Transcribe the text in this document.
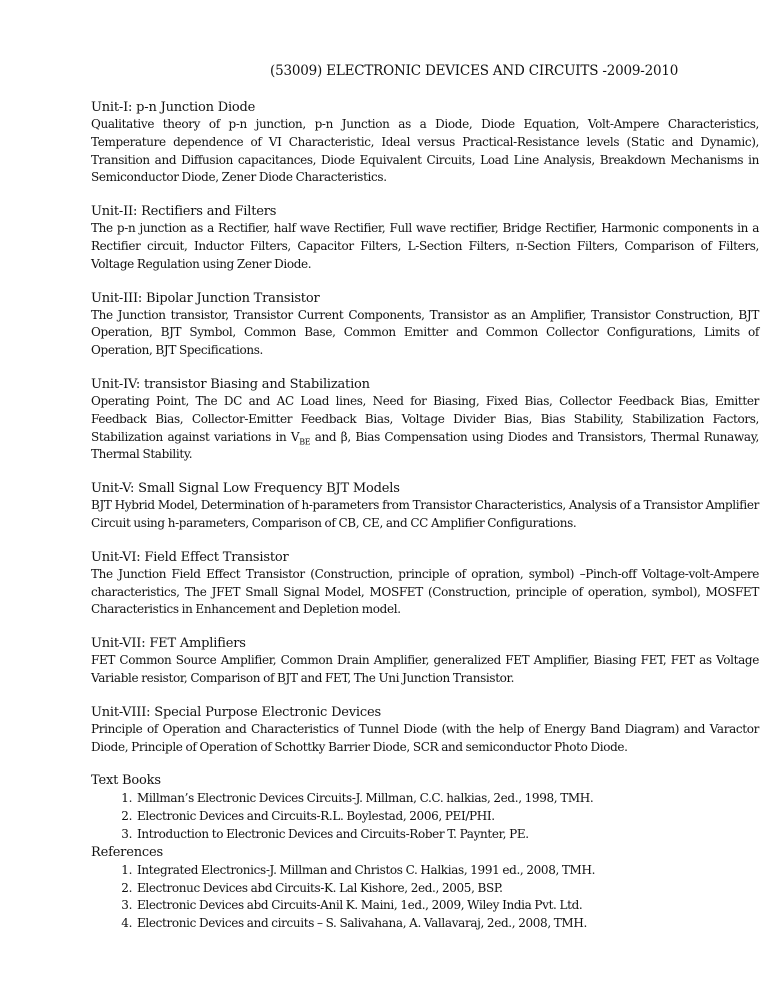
(53009) ELECTRONIC DEVICES AND CIRCUITS -2009-2010
Unit-I: p-n Junction Diode
Qualitative theory of p-n junction, p-n Junction as a Diode, Diode Equation, Volt-Ampere Characteristics, Temperature dependence of VI Characteristic, Ideal versus Practical-Resistance levels (Static and Dynamic), Transition and Diffusion capacitances, Diode Equivalent Circuits, Load Line Analysis, Breakdown Mechanisms in Semiconductor Diode, Zener Diode Characteristics.
Unit-II: Rectifiers and Filters
The p-n junction as a Rectifier, half wave Rectifier, Full wave rectifier, Bridge Rectifier, Harmonic components in a Rectifier circuit, Inductor Filters, Capacitor Filters, L-Section Filters, π-Section Filters, Comparison of Filters, Voltage Regulation using Zener Diode.
Unit-III: Bipolar Junction Transistor
The Junction transistor, Transistor Current Components, Transistor as an Amplifier, Transistor Construction, BJT Operation, BJT Symbol, Common Base, Common Emitter and Common Collector Configurations, Limits of Operation, BJT Specifications.
Unit-IV: transistor Biasing and Stabilization
Operating Point, The DC and AC Load lines, Need for Biasing, Fixed Bias, Collector Feedback Bias, Emitter Feedback Bias, Collector-Emitter Feedback Bias, Voltage Divider Bias, Bias Stability, Stabilization Factors, Stabilization against variations in $V_{BE}$ and β, Bias Compensation using Diodes and Transistors, Thermal Runaway, Thermal Stability.
Unit-V: Small Signal Low Frequency BJT Models
BJT Hybrid Model, Determination of h-parameters from Transistor Characteristics, Analysis of a Transistor Amplifier Circuit using h-parameters, Comparison of CB, CE, and CC Amplifier Configurations.
Unit-VI: Field Effect Transistor
The Junction Field Effect Transistor (Construction, principle of opration, symbol) –Pinch-off Voltage-volt-Ampere characteristics, The JFET Small Signal Model, MOSFET (Construction, principle of operation, symbol), MOSFET Characteristics in Enhancement and Depletion model.
Unit-VII: FET Amplifiers
FET Common Source Amplifier, Common Drain Amplifier, generalized FET Amplifier, Biasing FET, FET as Voltage Variable resistor, Comparison of BJT and FET, The Uni Junction Transistor.
Unit-VIII: Special Purpose Electronic Devices
Principle of Operation and Characteristics of Tunnel Diode (with the help of Energy Band Diagram) and Varactor Diode, Principle of Operation of Schottky Barrier Diode, SCR and semiconductor Photo Diode.
Text Books
1. Millman’s Electronic Devices Circuits-J. Millman, C.C. halkias, 2ed., 1998, TMH.
2. Electronic Devices and Circuits-R.L. Boylestad, 2006, PEI/PHI.
3. Introduction to Electronic Devices and Circuits-Rober T. Paynter, PE.
References
1. Integrated Electronics-J. Millman and Christos C. Halkias, 1991 ed., 2008, TMH.
2. Electronuc Devices abd Circuits-K. Lal Kishore, 2ed., 2005, BSP.
3. Electronic Devices abd Circuits-Anil K. Maini, 1ed., 2009, Wiley India Pvt. Ltd.
4. Electronic Devices and circuits – S. Salivahana, A. Vallavaraj, 2ed., 2008, TMH.
